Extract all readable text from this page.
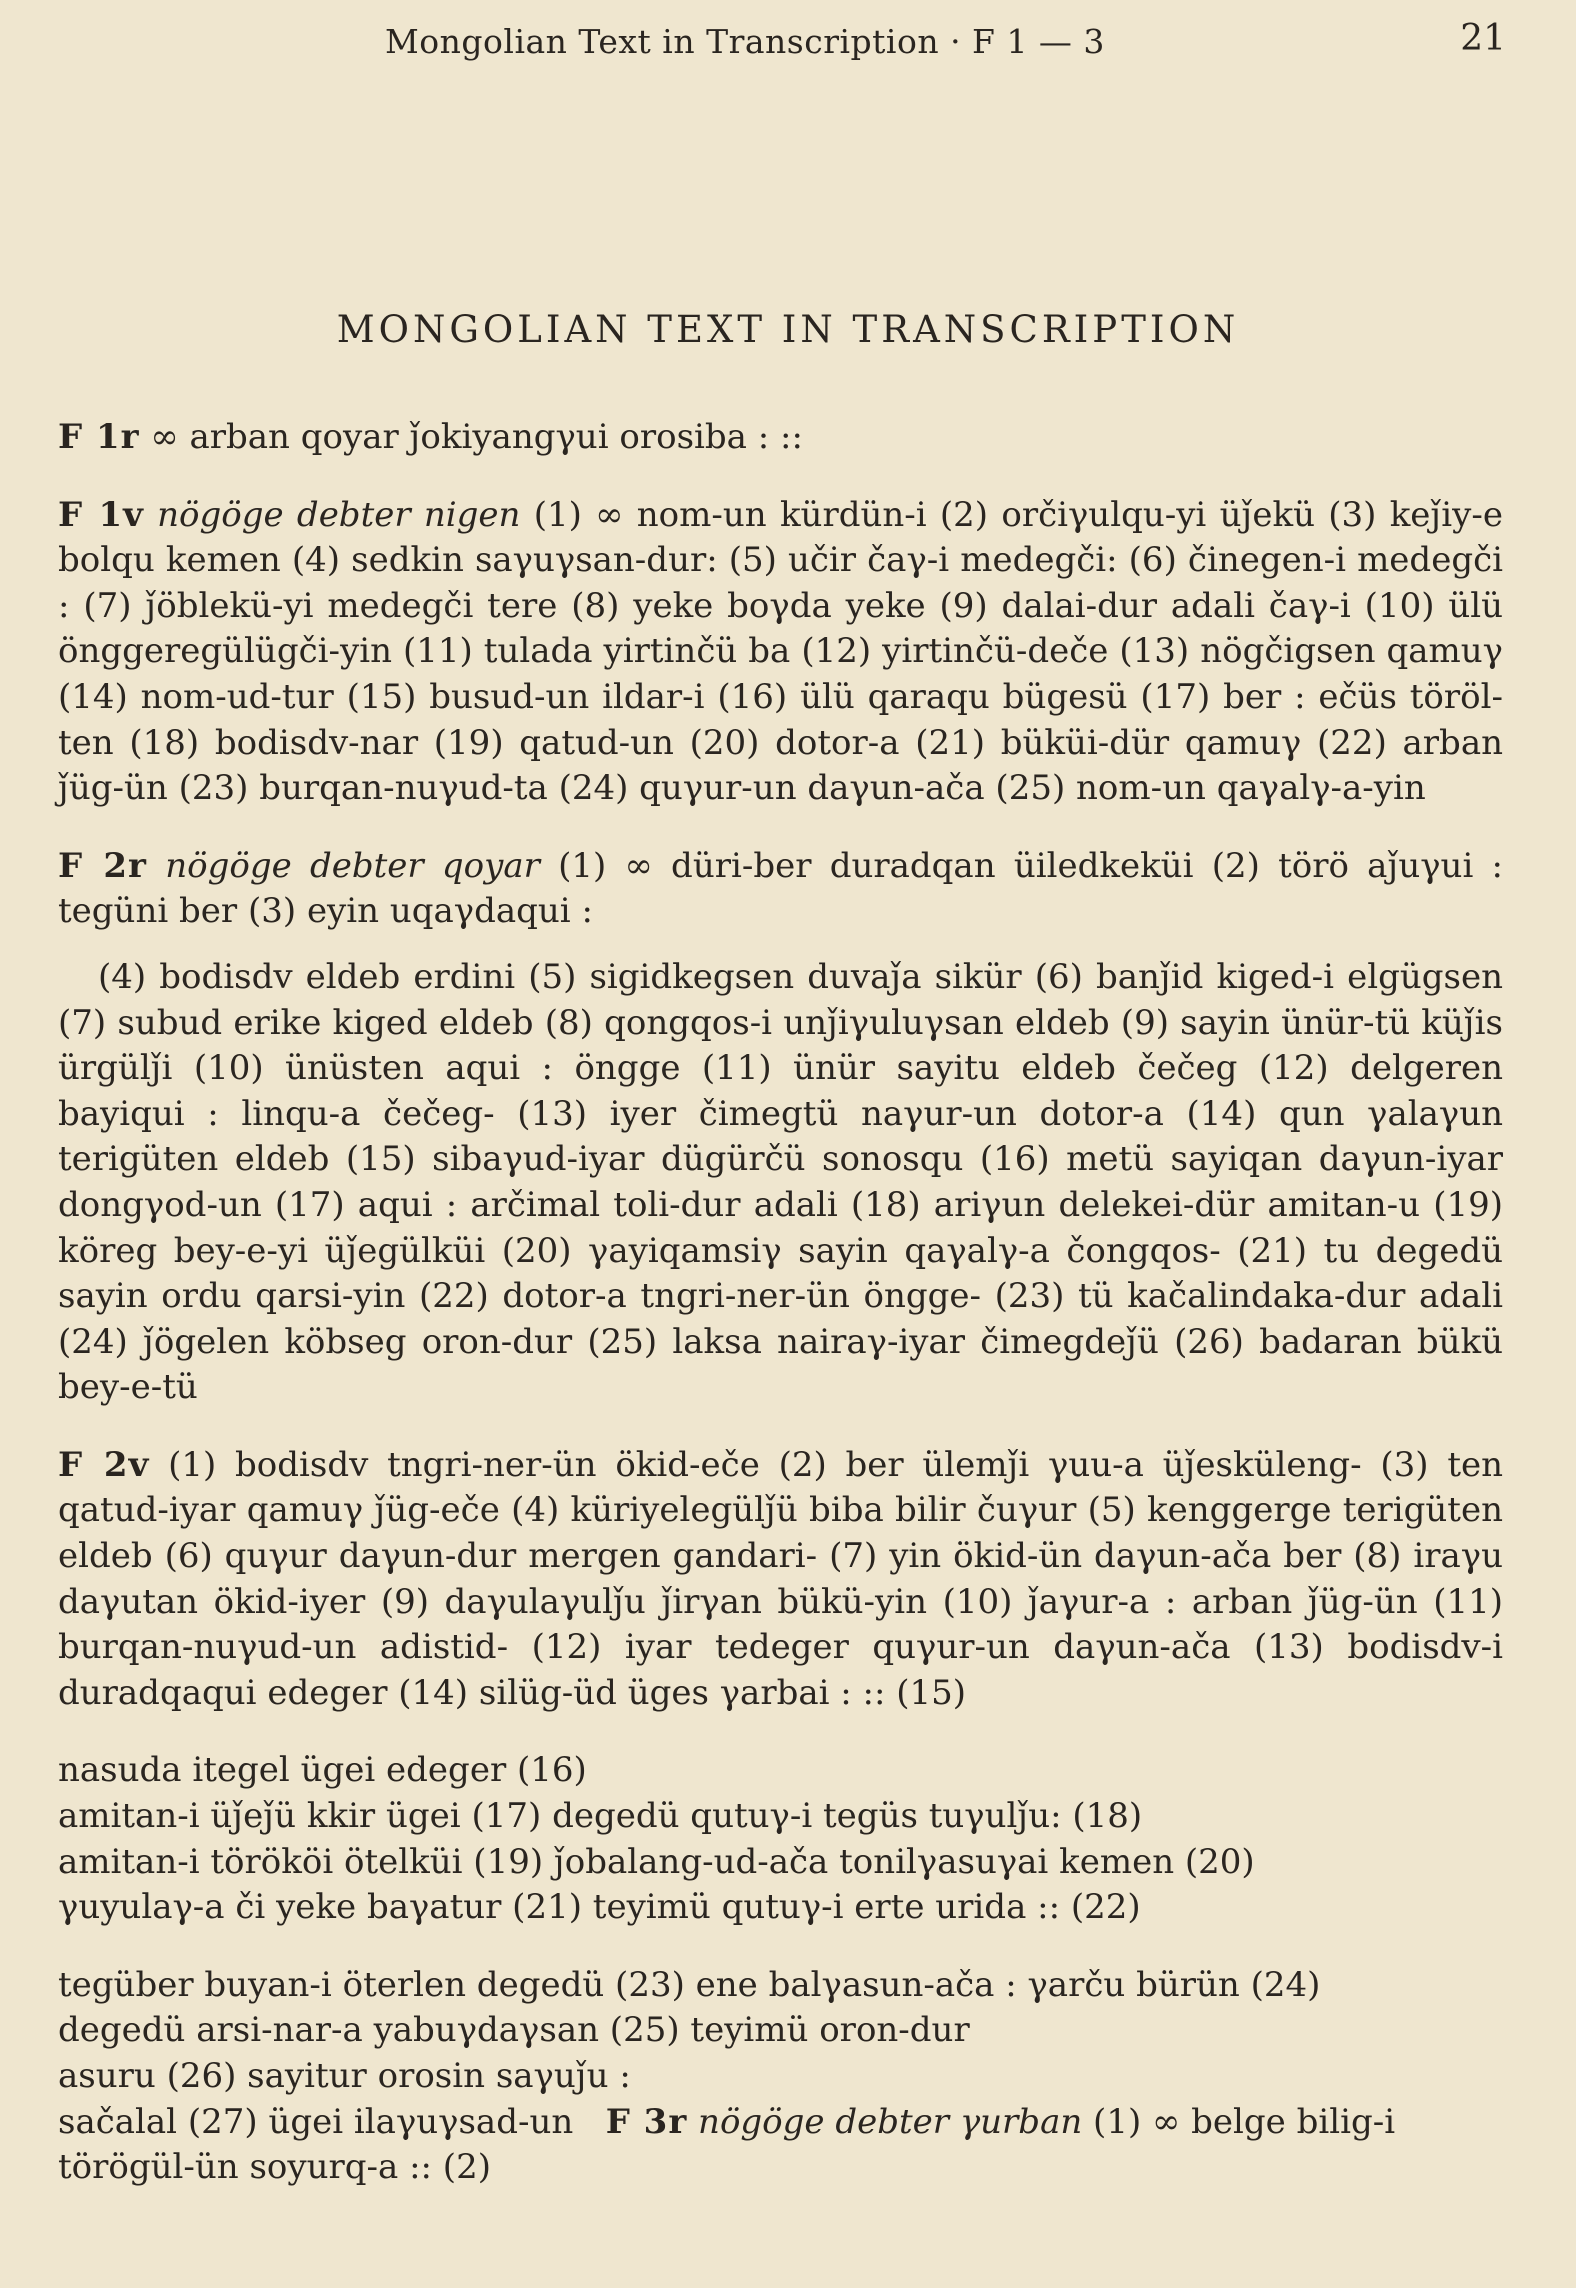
Mongolian Text in Transcription · F 1 — 3	21
MONGOLIAN TEXT IN TRANSCRIPTION

F 1r ∞ arban qoyar ǰokiyangγui orosiba : ::

F 1v nögöge debter nigen (1) ∞ nom-un kürdün-i (2) orčiγulqu-yi üǰekü (3) keǰiy-e bolqu kemen (4) sedkin saγuγsan-dur: (5) učir čaγ-i medegči: (6) činegen-i medegči : (7) ǰöblekü-yi medegči tere (8) yeke boγda yeke (9) dalai-dur adali čaγ-i (10) ülü önggeregülügči-yin (11) tulada yirtinčü ba (12) yirtinčü-deče (13) nögčigsen qamuγ (14) nom-ud-tur (15) busud-un ildar-i (16) ülü qaraqu bügesü (17) ber : ečüs töröl-ten (18) bodisdv-nar (19) qatud-un (20) dotor-a (21) büküi-dür qamuγ (22) arban ǰüg-ün (23) burqan-nuγud-ta (24) quγur-un daγun-ača (25) nom-un qaγalγ-a-yin

F 2r nögöge debter qoyar (1) ∞ düri-ber duradqan üiledkeküi (2) törö aǰuγui : tegüni ber (3) eyin uqaγdaqui :

(4) bodisdv eldeb erdini (5) sigidkegsen duvaǰa sikür (6) banǰid kiged-i elgügsen (7) subud erike kiged eldeb (8) qongqos-i unǰiγuluγsan eldeb (9) sayin ünür-tü küǰis ürgülǰi (10) ünüsten aqui : öngge (11) ünür sayitu eldeb čečeg (12) delgeren bayiqui : linqu-a čečeg- (13) iyer čimegtü naγur-un dotor-a (14) qun γalaγun terigüten eldeb (15) sibaγud-iyar dügürčü sonosqu (16) metü sayiqan daγun-iyar dongγod-un (17) aqui : arčimal toli-dur adali (18) ariγun delekei-dür amitan-u (19) köreg bey-e-yi üǰegülküi (20) γayiqamsiγ sayin qaγalγ-a čongqos- (21) tu degedü sayin ordu qarsi-yin (22) dotor-a tngri-ner-ün öngge- (23) tü kačalindaka-dur adali (24) ǰögelen köbseg oron-dur (25) laksa nairaγ-iyar čimegdeǰü (26) badaran bükü bey-e-tü

F 2v (1) bodisdv tngri-ner-ün ökid-eče (2) ber ülemǰi γuu-a üǰesküleng- (3) ten qatud-iyar qamuγ ǰüg-eče (4) küriyelegülǰü biba bilir čuγur (5) kenggerge terigüten eldeb (6) quγur daγun-dur mergen gandari- (7) yin ökid-ün daγun-ača ber (8) iraγu daγutan ökid-iyer (9) daγulaγulǰu ǰirγan bükü-yin (10) ǰaγur-a : arban ǰüg-ün (11) burqan-nuγud-un adistid- (12) iyar tedeger quγur-un daγun-ača (13) bodisdv-i duradqaqui edeger (14) silüg-üd üges γarbai : :: (15)

nasuda itegel ügei edeger (16)
amitan-i üǰeǰü kkir ügei (17) degedü qutuγ-i tegüs tuγulǰu: (18)
amitan-i törököi ötelküi (19) ǰobalang-ud-ača tonilγasuγai kemen (20)
γuyulaγ-a či yeke baγatur (21) teyimü qutuγ-i erte urida :: (22)
tegüber buyan-i öterlen degedü (23) ene balγasun-ača : γarču bürün (24)
degedü arsi-nar-a yabuγdaγsan (25) teyimü oron-dur
asuru (26) sayitur orosin saγuǰu :
sačalal (27) ügei ilaγuγsad-un F 3r nögöge debter γurban (1) ∞ belge bilig-i
törögül-ün soyurq-a :: (2)
